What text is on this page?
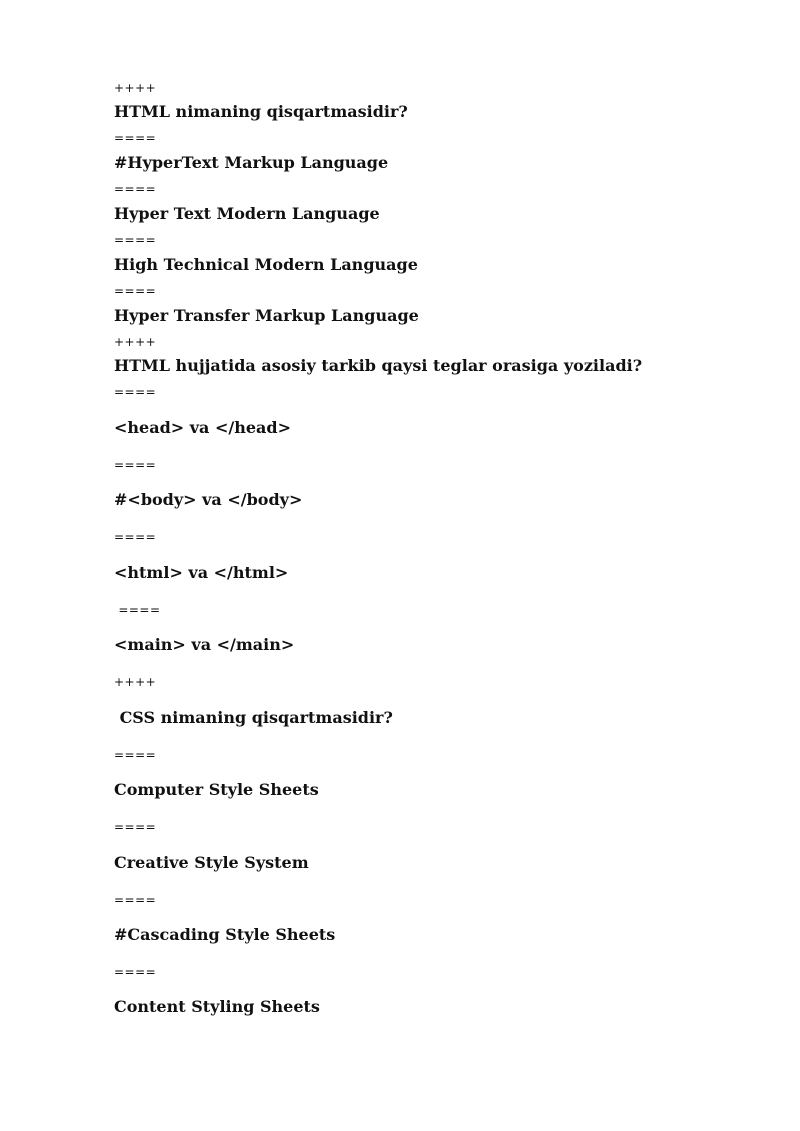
++++
HTML nimaning qisqartmasidir?
====
#HyperText Markup Language
====
Hyper Text Modern Language
====
High Technical Modern Language
====
Hyper Transfer Markup Language
++++
HTML hujjatida asosiy tarkib qaysi teglar orasiga yoziladi?
====
<head> va </head>
====
#<body> va </body>
====
<html> va </html>
====
<main> va </main>
++++
CSS nimaning qisqartmasidir?
====
Computer Style Sheets
====
Creative Style System
====
#Cascading Style Sheets
====
Content Styling Sheets
